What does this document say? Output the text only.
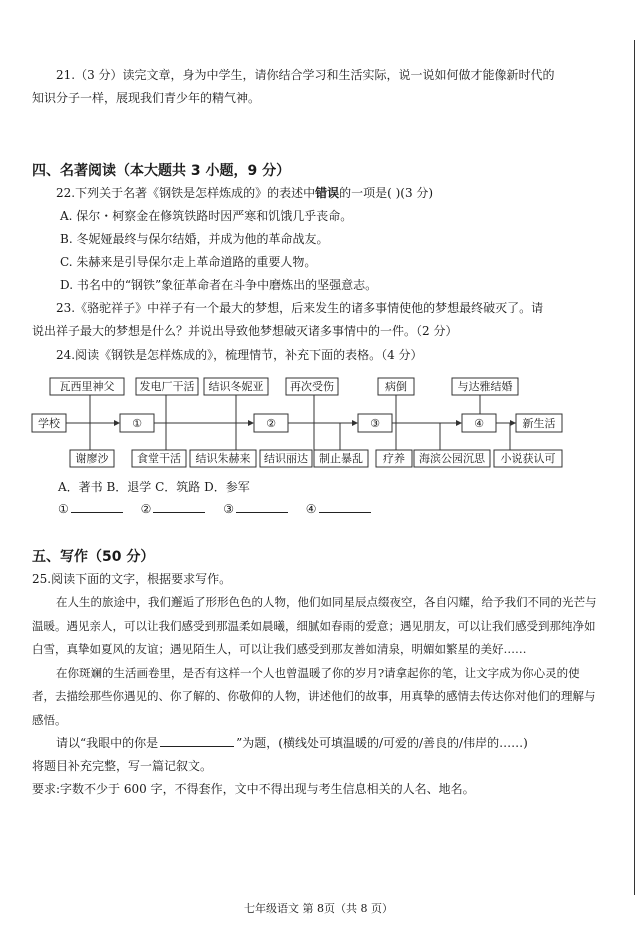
21.（3 分）读完文章，身为中学生，请你结合学习和生活实际，说一说如何做才能像新时代的

知识分子一样，展现我们青少年的精气神。

四、名著阅读（本大题共 3 小题，9 分）

22.下列关于名著《钢铁是怎样炼成的》的表述中错误的一项是( )(3 分)

A. 保尔・柯察金在修筑铁路时因严寒和饥饿几乎丧命。

B. 冬妮娅最终与保尔结婚，并成为他的革命战友。

C. 朱赫来是引导保尔走上革命道路的重要人物。

D. 书名中的“钢铁”象征革命者在斗争中磨炼出的坚强意志。

23.《骆驼祥子》中祥子有一个最大的梦想，后来发生的诸多事情使他的梦想最终破灭了。请

说出祥子最大的梦想是什么？并说出导致他梦想破灭诸多事情中的一件。（2 分）

24.阅读《钢铁是怎样炼成的》，梳理情节，补充下面的表格。（4 分）

瓦西里神父 发电厂干活 结识冬妮亚 再次受伤	病倒	与达雅结婚
学校	①	②	③	④	新生活
谢廖沙	食堂干活 结识朱赫来 结识丽达 制止暴乱 疗养 海滨公园沉思 小说获认可
A．著书 B．退学 C．筑路 D．参军
①	②	③	④
五、写作（50 分）

25.阅读下面的文字，根据要求写作。

在人生的旅途中，我们邂逅了形形色色的人物，他们如同星辰点缀夜空，各自闪耀，给予我们不同的光芒与温暖。遇见亲人，可以让我们感受到那温柔如晨曦，细腻如春雨的爱意；遇见朋友，可以让我们感受到那纯净如白雪，真挚如夏风的友谊；遇见陌生人，可以让我们感受到那友善如清泉，明媚如繁星的美好……

在你斑斓的生活画卷里，是否有这样一个人也曾温暖了你的岁月?请拿起你的笔，让文字成为你心灵的使者，去描绘那些你遇见的、你了解的、你敬仰的人物，讲述他们的故事，用真挚的感情去传达你对他们的理解与感悟。

请以“我眼中的你是	”为题，(横线处可填温暖的/可爱的/善良的/伟岸的……)

将题目补充完整，写一篇记叙文。

要求:字数不少于 600 字，不得套作，文中不得出现与考生信息相关的人名、地名。

七年级语文 第 8页（共 8 页）
